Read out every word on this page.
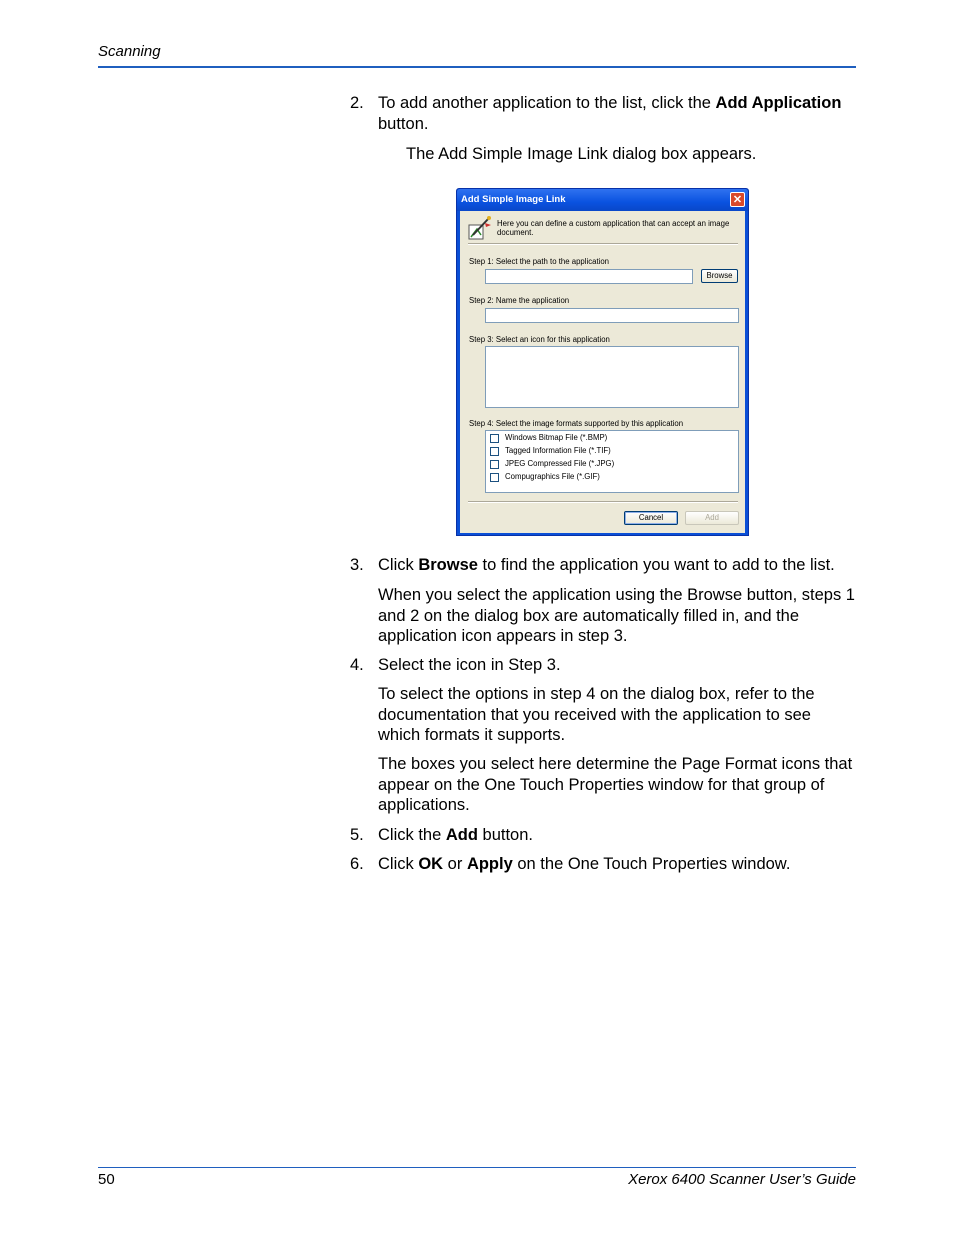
Scanning
2. To add another application to the list, click the Add Application button.
The Add Simple Image Link dialog box appears.
Add Simple Image Link	✕
Here you can define a custom application that can accept an image
document.
Step 1: Select the path to the application
Browse
Step 2: Name the application
Step 3: Select an icon for this application
Step 4: Select the image formats supported by this application
Windows Bitmap File (*.BMP)
Tagged Information File (*.TIF)
JPEG Compressed File (*.JPG)
Compugraphics File (*.GIF)
Cancel	Add
3. Click Browse to find the application you want to add to the list.
When you select the application using the Browse button, steps 1 and 2 on the dialog box are automatically filled in, and the application icon appears in step 3.
4. Select the icon in Step 3.
To select the options in step 4 on the dialog box, refer to the documentation that you received with the application to see which formats it supports.
The boxes you select here determine the Page Format icons that appear on the One Touch Properties window for that group of applications.
5. Click the Add button.
6. Click OK or Apply on the One Touch Properties window.
50	Xerox 6400 Scanner User’s Guide
